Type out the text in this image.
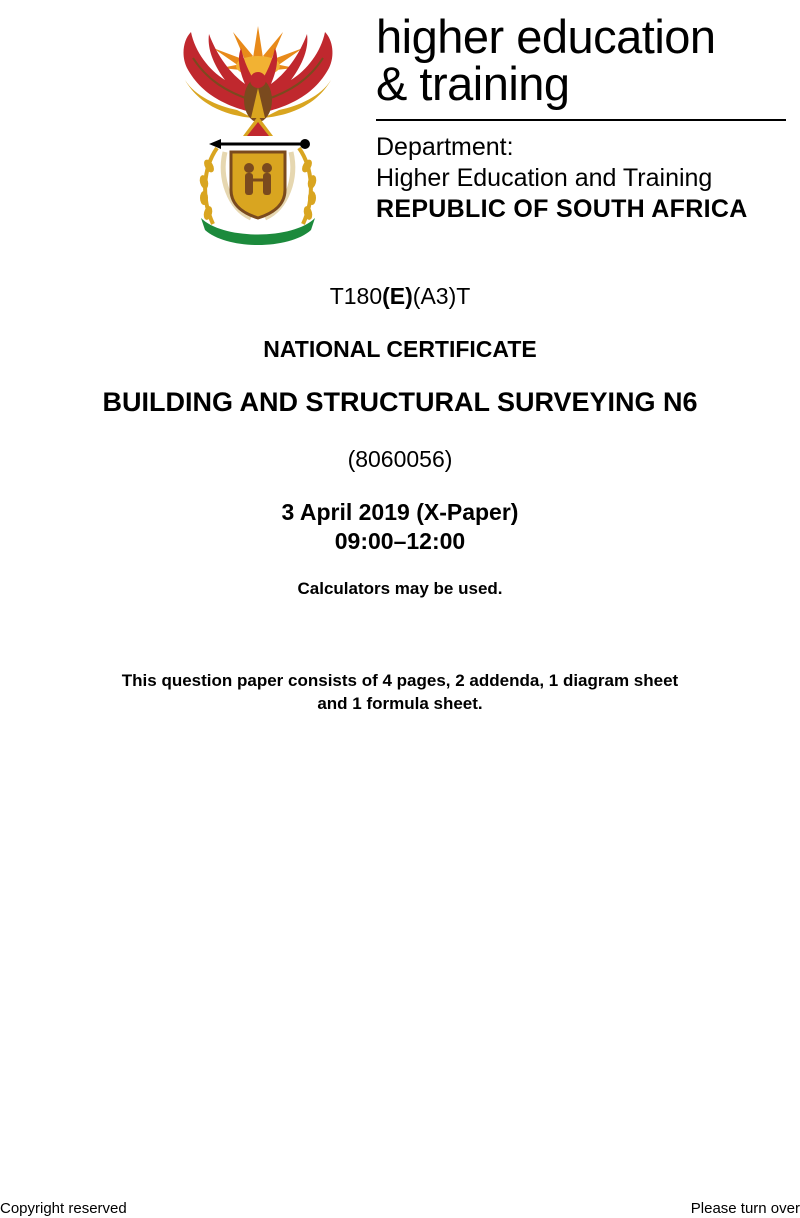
higher education
& training
Department:
Higher Education and Training
REPUBLIC OF SOUTH AFRICA
T180(E)(A3)T
NATIONAL CERTIFICATE
BUILDING AND STRUCTURAL SURVEYING N6
(8060056)
3 April 2019 (X-Paper)
09:00–12:00
Calculators may be used.
This question paper consists of 4 pages, 2 addenda, 1 diagram sheet
and 1 formula sheet.
Copyright reserved	Please turn over
